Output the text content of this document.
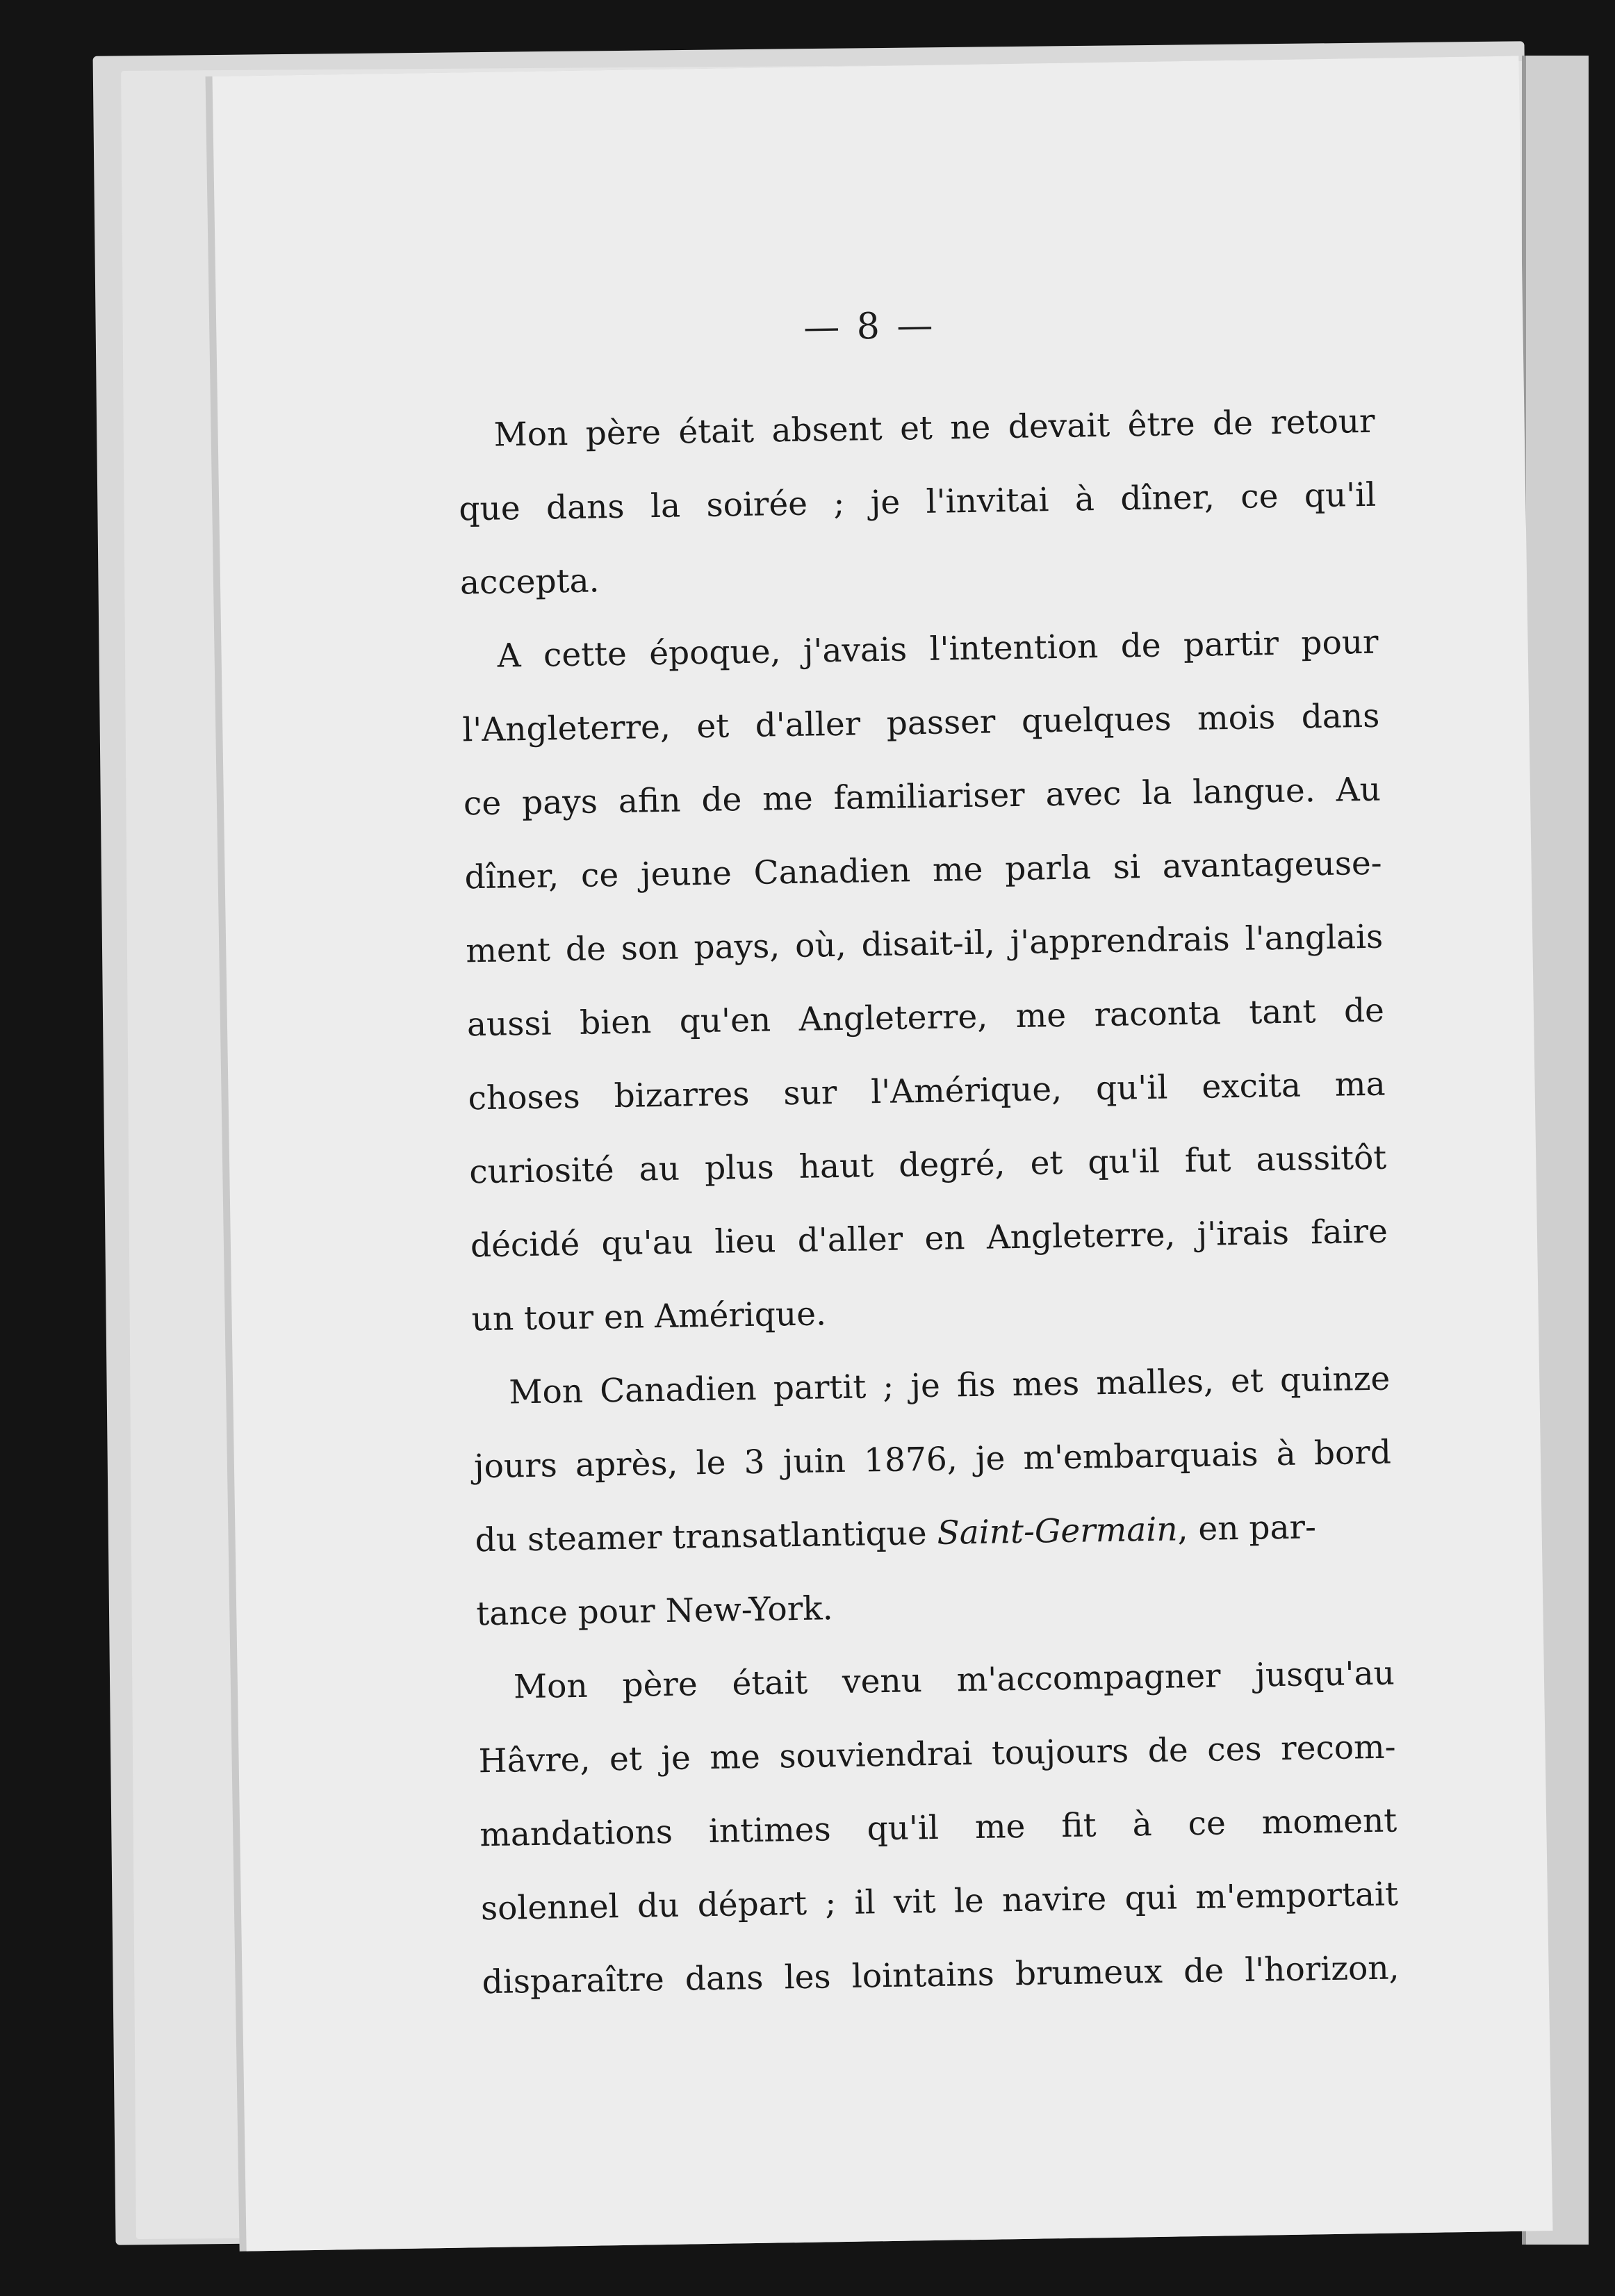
— 8 —
Mon père était absent et ne devait être de retour
que dans la soirée ; je l'invitai à dîner, ce qu'il
accepta.
A cette époque, j'avais l'intention de partir pour
l'Angleterre, et d'aller passer quelques mois dans
ce pays afin de me familiariser avec la langue. Au
dîner, ce jeune Canadien me parla si avantageuse-
ment de son pays, où, disait-il, j'apprendrais l'anglais
aussi bien qu'en Angleterre, me raconta tant de
choses bizarres sur l'Amérique, qu'il excita ma
curiosité au plus haut degré, et qu'il fut aussitôt
décidé qu'au lieu d'aller en Angleterre, j'irais faire
un tour en Amérique.
Mon Canadien partit ; je fis mes malles, et quinze
jours après, le 3 juin 1876, je m'embarquais à bord
du steamer transatlantique Saint-Germain, en par-
tance pour New-York.
Mon père était venu m'accompagner jusqu'au
Hâvre, et je me souviendrai toujours de ces recom-
mandations intimes qu'il me fit à ce moment
solennel du départ ; il vit le navire qui m'emportait
disparaître dans les lointains brumeux de l'horizon,
